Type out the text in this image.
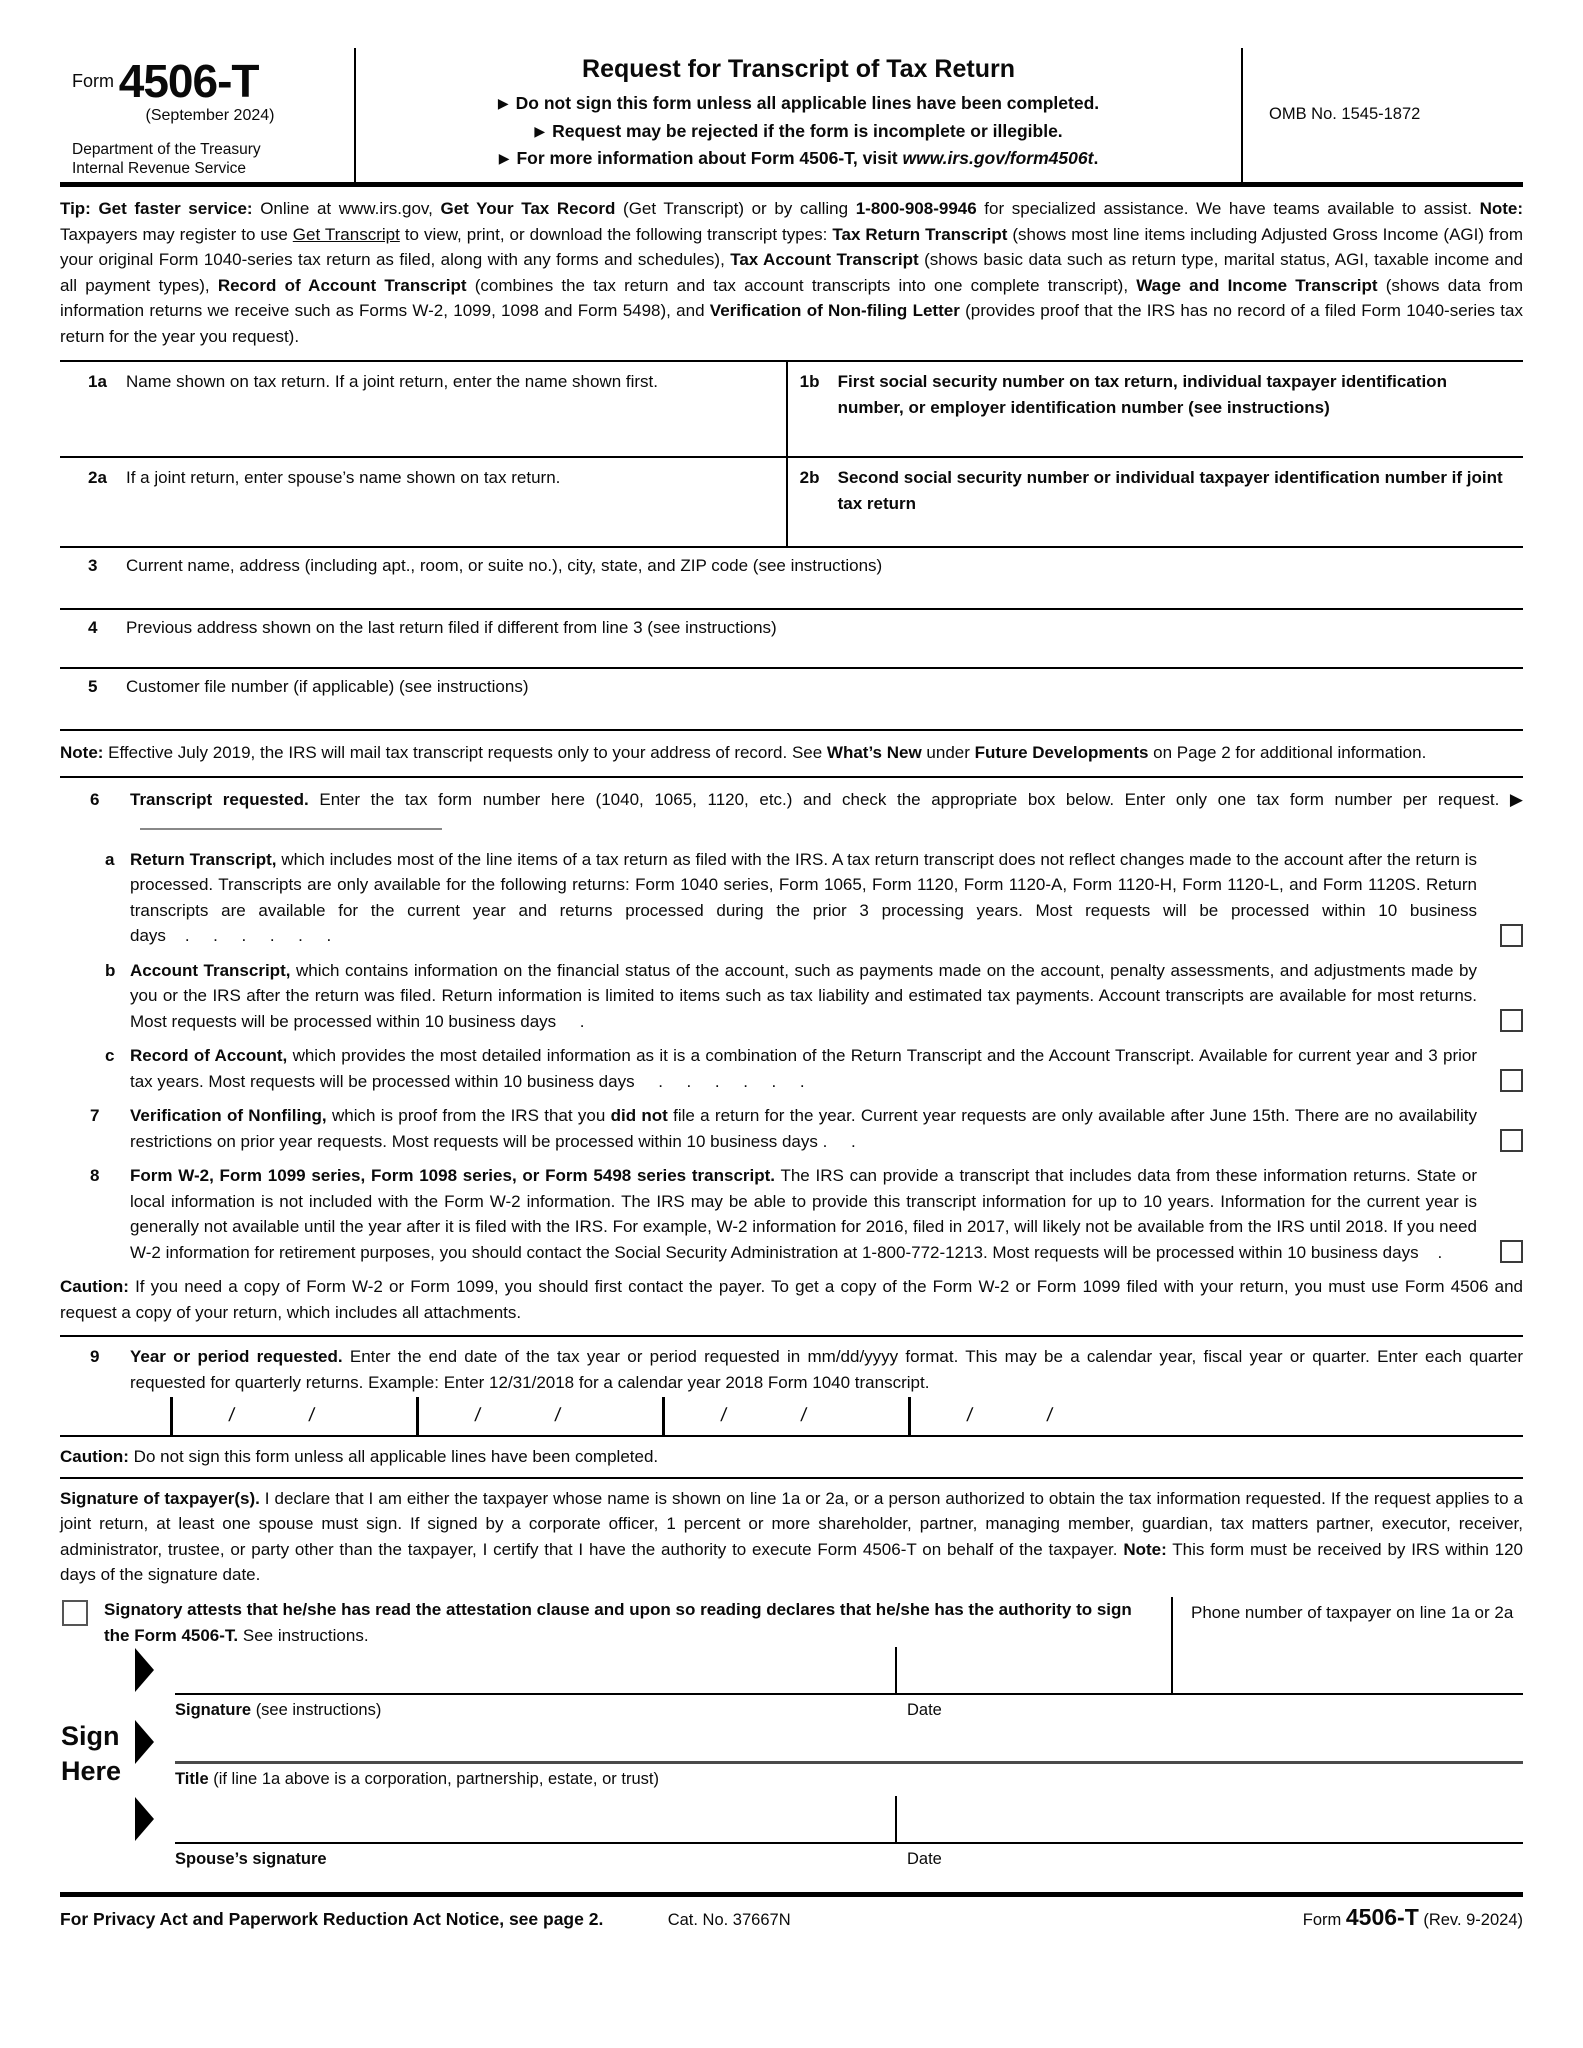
Form 4506-T
(September 2024)
Department of the Treasury
Internal Revenue Service
Request for Transcript of Tax Return
▶ Do not sign this form unless all applicable lines have been completed.
▶ Request may be rejected if the form is incomplete or illegible.
▶ For more information about Form 4506-T, visit www.irs.gov/form4506t.
OMB No. 1545-1872
Tip: Get faster service: Online at www.irs.gov, Get Your Tax Record (Get Transcript) or by calling 1-800-908-9946 for specialized assistance. We have teams available to assist. Note: Taxpayers may register to use Get Transcript to view, print, or download the following transcript types: Tax Return Transcript (shows most line items including Adjusted Gross Income (AGI) from your original Form 1040-series tax return as filed, along with any forms and schedules), Tax Account Transcript (shows basic data such as return type, marital status, AGI, taxable income and all payment types), Record of Account Transcript (combines the tax return and tax account transcripts into one complete transcript), Wage and Income Transcript (shows data from information returns we receive such as Forms W-2, 1099, 1098 and Form 5498), and Verification of Non-filing Letter (provides proof that the IRS has no record of a filed Form 1040-series tax return for the year you request).
1a	Name shown on tax return. If a joint return, enter the name shown first.	1b	First social security number on tax return, individual taxpayer identification number, or employer identification number (see instructions)
2a	If a joint return, enter spouse’s name shown on tax return.	2b	Second social security number or individual taxpayer identification number if joint tax return
3	Current name, address (including apt., room, or suite no.), city, state, and ZIP code (see instructions)
4	Previous address shown on the last return filed if different from line 3 (see instructions)
5	Customer file number (if applicable) (see instructions)
Note: Effective July 2019, the IRS will mail tax transcript requests only to your address of record. See What’s New under Future Developments on Page 2 for additional information.
6	Transcript requested. Enter the tax form number here (1040, 1065, 1120, etc.) and check the appropriate box below. Enter only one tax form number per request. ▶
a Return Transcript, which includes most of the line items of a tax return as filed with the IRS. A tax return transcript does not reflect changes made to the account after the return is processed. Transcripts are only available for the following returns: Form 1040 series, Form 1065, Form 1120, Form 1120-A, Form 1120-H, Form 1120-L, and Form 1120S. Return transcripts are available for the current year and returns processed during the prior 3 processing years. Most requests will be processed within 10 business days    .     .     .     .     .     .
b Account Transcript, which contains information on the financial status of the account, such as payments made on the account, penalty assessments, and adjustments made by you or the IRS after the return was filed. Return information is limited to items such as tax liability and estimated tax payments. Account transcripts are available for most returns. Most requests will be processed within 10 business days     .
c Record of Account, which provides the most detailed information as it is a combination of the Return Transcript and the Account Transcript. Available for current year and 3 prior tax years. Most requests will be processed within 10 business days     .     .     .     .     .     .
7	Verification of Nonfiling, which is proof from the IRS that you did not file a return for the year. Current year requests are only available after June 15th. There are no availability restrictions on prior year requests. Most requests will be processed within 10 business days .     .
8	Form W-2, Form 1099 series, Form 1098 series, or Form 5498 series transcript. The IRS can provide a transcript that includes data from these information returns. State or local information is not included with the Form W-2 information. The IRS may be able to provide this transcript information for up to 10 years. Information for the current year is generally not available until the year after it is filed with the IRS. For example, W-2 information for 2016, filed in 2017, will likely not be available from the IRS until 2018. If you need W-2 information for retirement purposes, you should contact the Social Security Administration at 1-800-772-1213. Most requests will be processed within 10 business days    .
Caution: If you need a copy of Form W-2 or Form 1099, you should first contact the payer. To get a copy of the Form W-2 or Form 1099 filed with your return, you must use Form 4506 and request a copy of your return, which includes all attachments.
9	Year or period requested. Enter the end date of the tax year or period requested in mm/dd/yyyy format. This may be a calendar year, fiscal year or quarter. Enter each quarter requested for quarterly returns. Example: Enter 12/31/2018 for a calendar year 2018 Form 1040 transcript.
/	/	/	/	/	/	/	/
Caution: Do not sign this form unless all applicable lines have been completed.
Signature of taxpayer(s). I declare that I am either the taxpayer whose name is shown on line 1a or 2a, or a person authorized to obtain the tax information requested. If the request applies to a joint return, at least one spouse must sign. If signed by a corporate officer, 1 percent or more shareholder, partner, managing member, guardian, tax matters partner, executor, receiver, administrator, trustee, or party other than the taxpayer, I certify that I have the authority to execute Form 4506-T on behalf of the taxpayer. Note: This form must be received by IRS within 120 days of the signature date.
Signatory attests that he/she has read the attestation clause and upon so reading declares that he/she has the authority to sign the Form 4506-T. See instructions.
Phone number of taxpayer on line 1a or 2a
Sign
Here
Signature (see instructions)	Date
Title (if line 1a above is a corporation, partnership, estate, or trust)
Spouse’s signature	Date
For Privacy Act and Paperwork Reduction Act Notice, see page 2.	Cat. No. 37667N	Form 4506-T (Rev. 9-2024)
